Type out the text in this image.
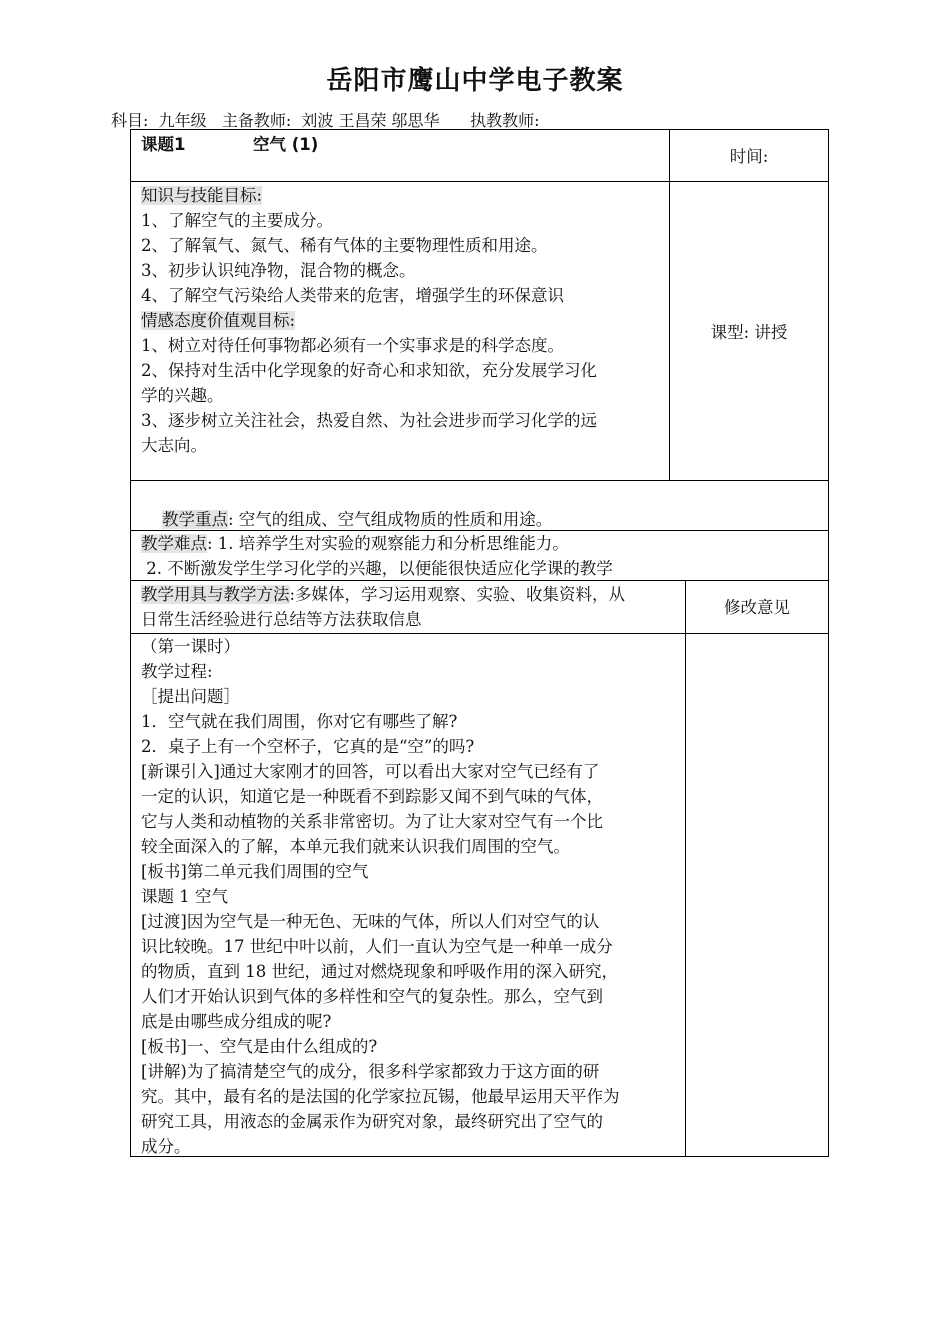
岳阳市鹰山中学电子教案
科目:  九年级   主备教师:  刘波 王昌荣 邬思华      执教教师:
课题1	空气 (1)
时间:
知识与技能目标:
1、了解空气的主要成分。
2、了解氧气、氮气、稀有气体的主要物理性质和用途。
3、初步认识纯净物，混合物的概念。
4、了解空气污染给人类带来的危害，增强学生的环保意识
情感态度价值观目标:
1、树立对待任何事物都必须有一个实事求是的科学态度。
2、保持对生活中化学现象的好奇心和求知欲，充分发展学习化
学的兴趣。
3、逐步树立关注社会，热爱自然、为社会进步而学习化学的远
大志向。
课型: 讲授

教学重点: 空气的组成、空气组成物质的性质和用途。

教学难点: 1. 培养学生对实验的观察能力和分析思维能力。
2. 不断激发学生学习化学的兴趣，以便能很快适应化学课的教学
教学用具与教学方法:多媒体，学习运用观察、实验、收集资料，从
日常生活经验进行总结等方法获取信息
修改意见
（第一课时）
教学过程:
［提出问题］
1．空气就在我们周围，你对它有哪些了解?
2．桌子上有一个空杯子，它真的是“空”的吗?
[新课引入]通过大家刚才的回答，可以看出大家对空气已经有了
一定的认识，知道它是一种既看不到踪影又闻不到气味的气体，
它与人类和动植物的关系非常密切。为了让大家对空气有一个比
较全面深入的了解，本单元我们就来认识我们周围的空气。
[板书]第二单元我们周围的空气
课题 1 空气
[过渡]因为空气是一种无色、无味的气体，所以人们对空气的认
识比较晚。17 世纪中叶以前，人们一直认为空气是一种单一成分
的物质，直到 18 世纪，通过对燃烧现象和呼吸作用的深入研究，
人们才开始认识到气体的多样性和空气的复杂性。那么，空气到
底是由哪些成分组成的呢?
[板书]一、空气是由什么组成的?
[讲解)为了搞清楚空气的成分，很多科学家都致力于这方面的研
究。其中，最有名的是法国的化学家拉瓦锡，他最早运用天平作为
研究工具，用液态的金属汞作为研究对象，最终研究出了空气的
成分。
